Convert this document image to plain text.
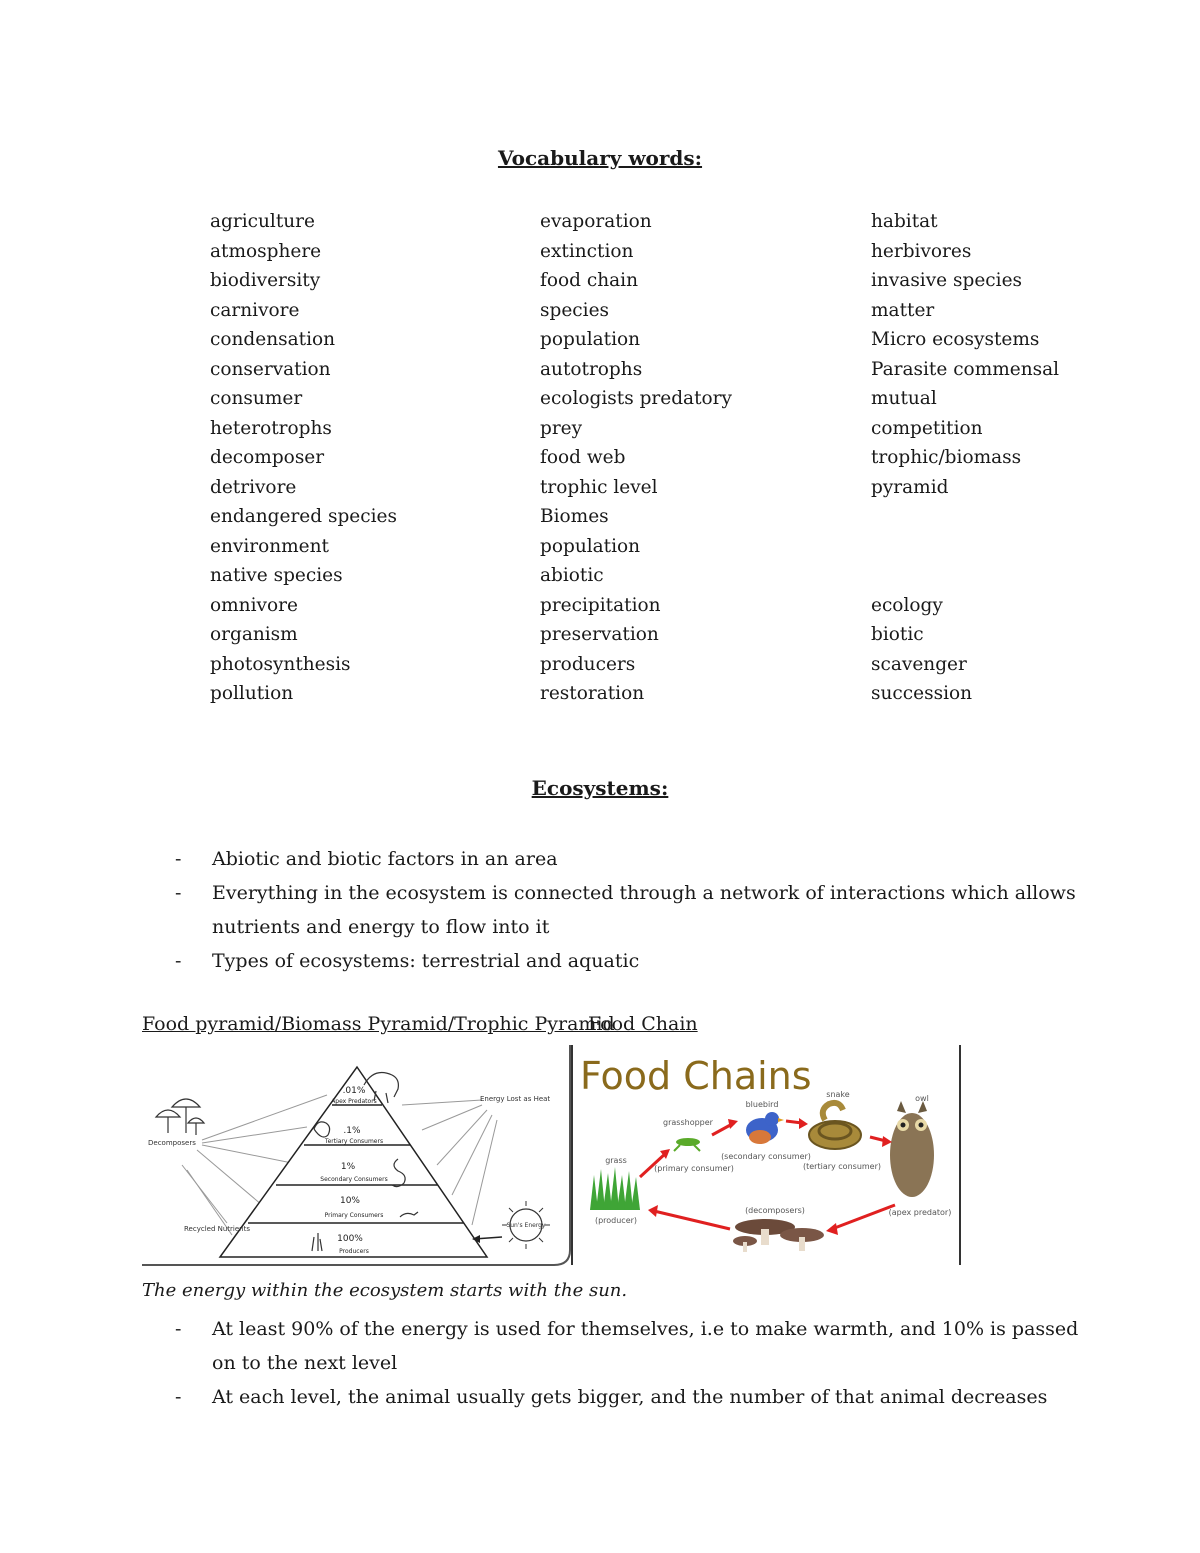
Vocabulary words:
agriculture
atmosphere
biodiversity
carnivore
condensation
conservation
consumer
heterotrophs
decomposer
detrivore
endangered species
environment
native species
omnivore
organism
photosynthesis
pollution
evaporation
extinction
food chain
species
population
autotrophs
ecologists predatory
prey
food web
trophic level
Biomes
population
abiotic
precipitation
preservation
producers
restoration
habitat
herbivores
invasive species
matter
Micro ecosystems
Parasite commensal
mutual
competition
trophic/biomass
pyramid
ecology
biotic
scavenger
succession
Ecosystems:
- Abiotic and biotic factors in an area
- Everything in the ecosystem is connected through a network of interactions which allows nutrients and energy to flow into it
- Types of ecosystems: terrestrial and aquatic
Food pyramid/Biomass Pyramid/Trophic Pyramid
Food Chain
.01%
Apex Predators
.1%
Tertiary Consumers
1%
Secondary Consumers
10%
Primary Consumers
100%
Producers
Decomposers
Recycled Nutrients
Energy Lost as Heat
Sun's Energy
Food Chains
grass
(producer)
grasshopper
(primary consumer)
bluebird
(secondary consumer)
snake
(tertiary consumer)
owl
(apex predator)
(decomposers)
The energy within the ecosystem starts with the sun.
- At least 90% of the energy is used for themselves, i.e to make warmth, and 10% is passed on to the next level
- At each level, the animal usually gets bigger, and the number of that animal decreases
